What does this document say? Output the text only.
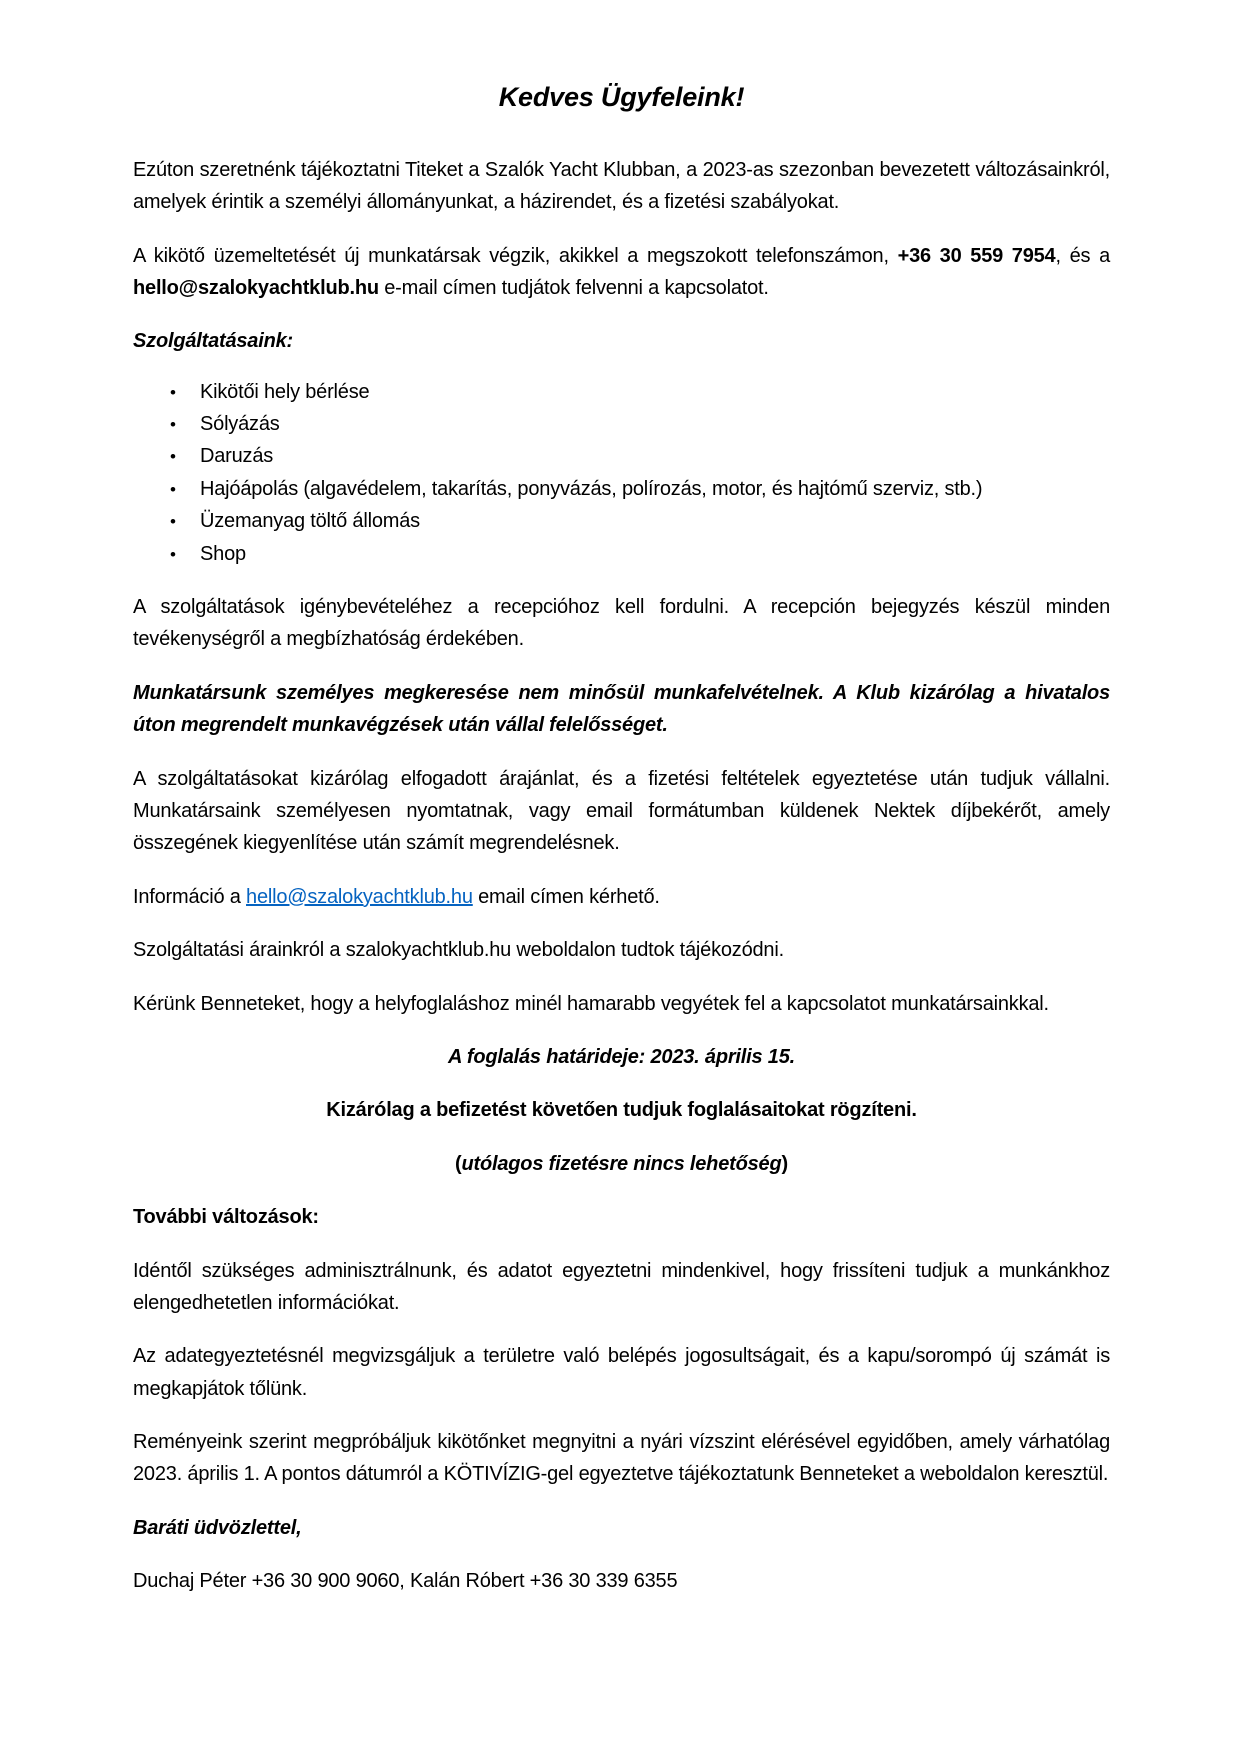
Kedves Ügyfeleink!

Ezúton szeretnénk tájékoztatni Titeket a Szalók Yacht Klubban, a 2023-as szezonban bevezetett változásainkról, amelyek érintik a személyi állományunkat, a házirendet, és a fizetési szabályokat.

A kikötő üzemeltetését új munkatársak végzik, akikkel a megszokott telefonszámon, +36 30 559 7954, és a hello@szalokyachtklub.hu e-mail címen tudjátok felvenni a kapcsolatot.

Szolgáltatásaink:
•	Kikötői hely bérlése
•	Sólyázás
•	Daruzás
•	Hajóápolás (algavédelem, takarítás, ponyvázás, polírozás, motor, és hajtómű szerviz, stb.)
•	Üzemanyag töltő állomás
•	Shop

A szolgáltatások igénybevételéhez a recepcióhoz kell fordulni. A recepción bejegyzés készül minden tevékenységről a megbízhatóság érdekében.

Munkatársunk személyes megkeresése nem minősül munkafelvételnek. A Klub kizárólag a hivatalos úton megrendelt munkavégzések után vállal felelősséget.

A szolgáltatásokat kizárólag elfogadott árajánlat, és a fizetési feltételek egyeztetése után tudjuk vállalni. Munkatársaink személyesen nyomtatnak, vagy email formátumban küldenek Nektek díjbekérőt, amely összegének kiegyenlítése után számít megrendelésnek.

Információ a hello@szalokyachtklub.hu email címen kérhető.

Szolgáltatási árainkról a szalokyachtklub.hu weboldalon tudtok tájékozódni.

Kérünk Benneteket, hogy a helyfoglaláshoz minél hamarabb vegyétek fel a kapcsolatot munkatársainkkal.

A foglalás határideje: 2023. április 15.

Kizárólag a befizetést követően tudjuk foglalásaitokat rögzíteni.

(utólagos fizetésre nincs lehetőség)

További változások:

Idéntől szükséges adminisztrálnunk, és adatot egyeztetni mindenkivel, hogy frissíteni tudjuk a munkánkhoz elengedhetetlen információkat.

Az adategyeztetésnél megvizsgáljuk a területre való belépés jogosultságait, és a kapu/sorompó új számát is megkapjátok tőlünk.

Reményeink szerint megpróbáljuk kikötőnket megnyitni a nyári vízszint elérésével egyidőben, amely várhatólag 2023. április 1. A pontos dátumról a KÖTIVÍZIG-gel egyeztetve tájékoztatunk Benneteket a weboldalon keresztül.

Baráti üdvözlettel,

Duchaj Péter +36 30 900 9060, Kalán Róbert +36 30 339 6355
